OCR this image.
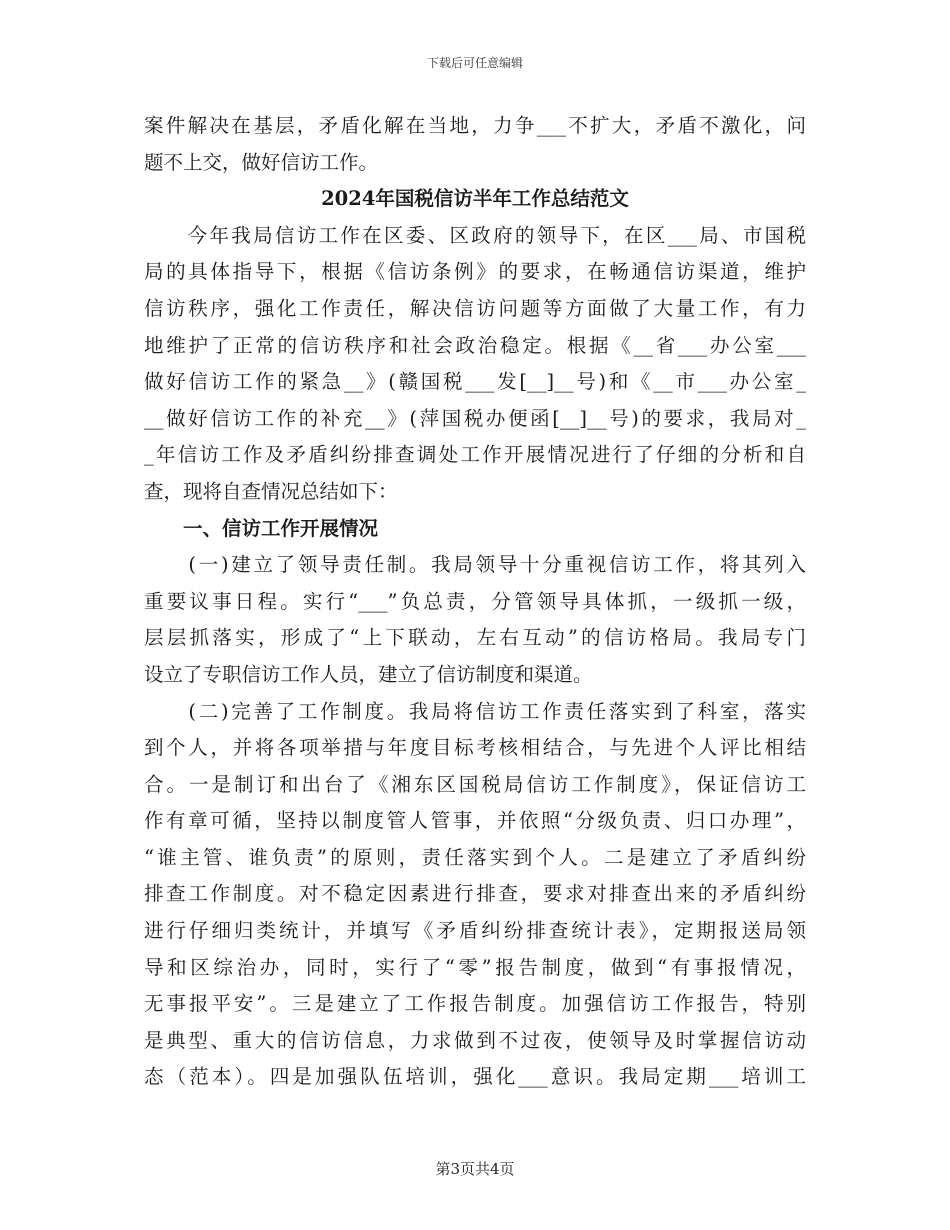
下载后可任意编辑
案件解决在基层，矛盾化解在当地，力争___不扩大，矛盾不激化，问
题不上交，做好信访工作。
2024年国税信访半年工作总结范文
　　今年我局信访工作在区委、区政府的领导下，在区___局、市国税
局的具体指导下，根据《信访条例》的要求，在畅通信访渠道，维护
信访秩序，强化工作责任，解决信访问题等方面做了大量工作，有力
地维护了正常的信访秩序和社会政治稳定。根据《__省___办公室___
做好信访工作的紧急__》(赣国税___发[__]__号)和《__市___办公室_
__做好信访工作的补充__》(萍国税办便函[__]__号)的要求，我局对_
_年信访工作及矛盾纠纷排查调处工作开展情况进行了仔细的分析和自
查，现将自查情况总结如下：
　　一、信访工作开展情况
　　(一)建立了领导责任制。我局领导十分重视信访工作，将其列入
重要议事日程。实行“___”负总责，分管领导具体抓，一级抓一级，
层层抓落实，形成了“上下联动，左右互动”的信访格局。我局专门
设立了专职信访工作人员，建立了信访制度和渠道。
　　(二)完善了工作制度。我局将信访工作责任落实到了科室，落实
到个人，并将各项举措与年度目标考核相结合，与先进个人评比相结
合。一是制订和出台了《湘东区国税局信访工作制度》，保证信访工
作有章可循，坚持以制度管人管事，并依照“分级负责、归口办理”，
“谁主管、谁负责”的原则，责任落实到个人。二是建立了矛盾纠纷
排查工作制度。对不稳定因素进行排查，要求对排查出来的矛盾纠纷
进行仔细归类统计，并填写《矛盾纠纷排查统计表》，定期报送局领
导和区综治办，同时，实行了“零”报告制度，做到“有事报情况，
无事报平安”。三是建立了工作报告制度。加强信访工作报告，特别
是典型、重大的信访信息，力求做到不过夜，使领导及时掌握信访动
态（范本）。四是加强队伍培训，强化___意识。我局定期___培训工
第3页共4页
